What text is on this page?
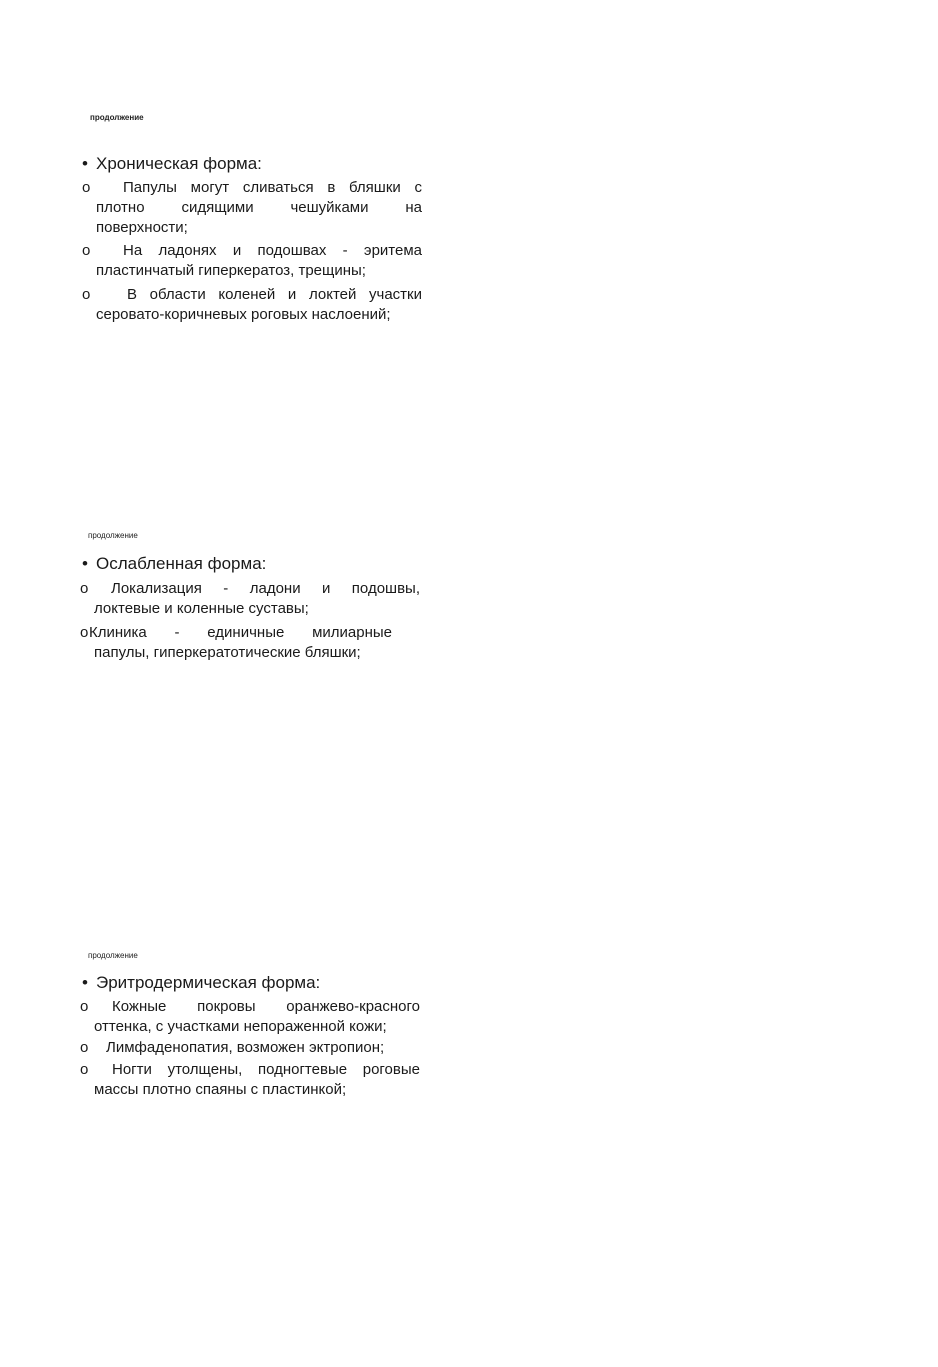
продолжение
• Хроническая форма:
o	Папулы могут сливаться в бляшки с
плотно сидящими чешуйками на
поверхности;
o	На ладонях и подошвах - эритема
пластинчатый гиперкератоз, трещины;
o	В области коленей и локтей участки
серовато-коричневых роговых наслоений;
продолжение
• Ослабленная форма:
o	Локализация - ладони и подошвы,
локтевые и коленные суставы;
o Клиника - единичные милиарные
папулы, гиперкератотические бляшки;
продолжение
• Эритродермическая форма:
o	Кожные покровы оранжево-красного
оттенка, с участками непораженной кожи;
o	Лимфаденопатия, возможен эктропион;
o	Ногти утолщены, подногтевые роговые
массы плотно спаяны с пластинкой;
